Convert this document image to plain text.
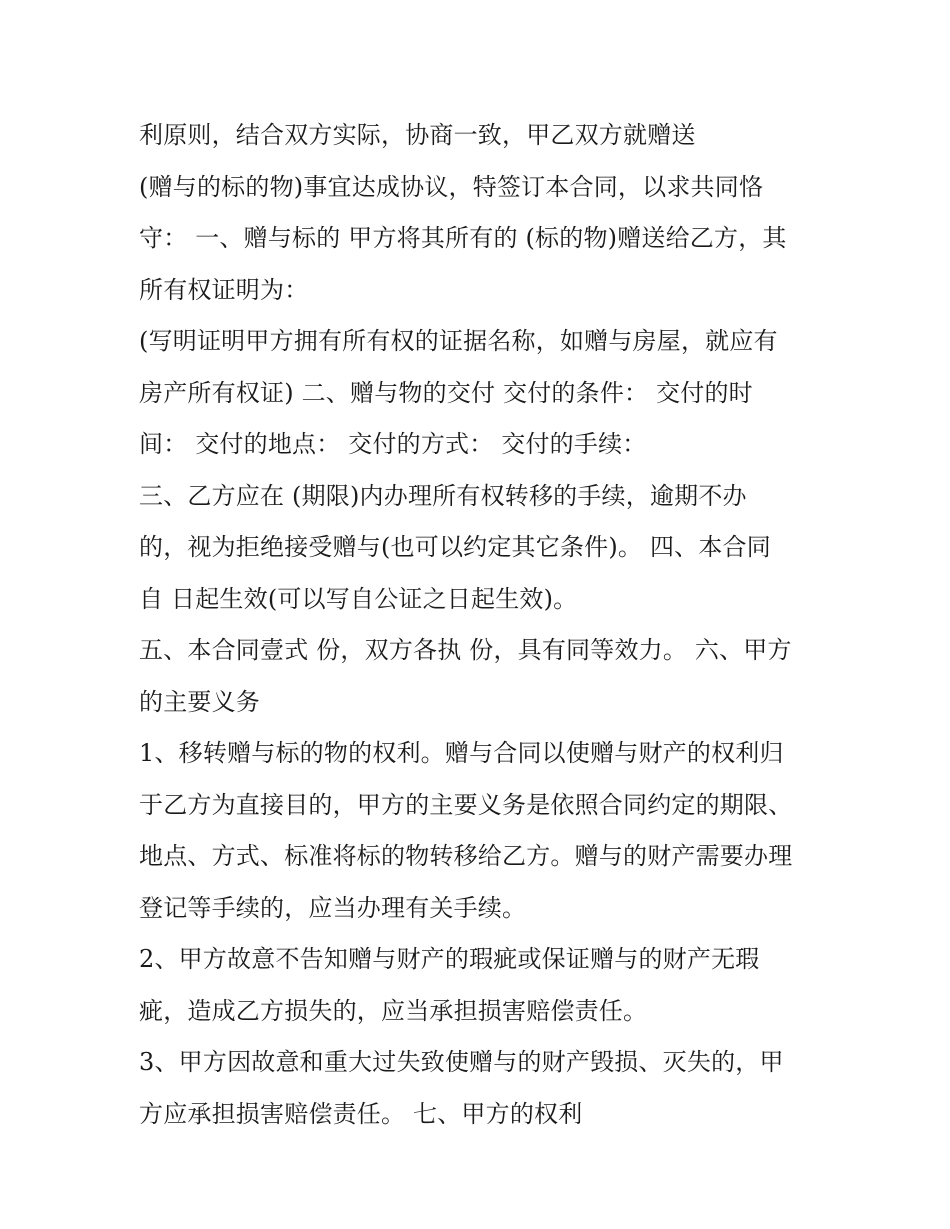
利原则，结合双方实际，协商一致，甲乙双方就赠送
(赠与的标的物)事宜达成协议，特签订本合同，以求共同恪
守： 一、赠与标的 甲方将其所有的 (标的物)赠送给乙方，其
所有权证明为：
(写明证明甲方拥有所有权的证据名称，如赠与房屋，就应有
房产所有权证) 二、赠与物的交付 交付的条件： 交付的时
间： 交付的地点： 交付的方式： 交付的手续：
三、乙方应在 (期限)内办理所有权转移的手续，逾期不办
的，视为拒绝接受赠与(也可以约定其它条件)。 四、本合同
自 日起生效(可以写自公证之日起生效)。
五、本合同壹式 份，双方各执 份，具有同等效力。 六、甲方
的主要义务
1、移转赠与标的物的权利。赠与合同以使赠与财产的权利归
于乙方为直接目的，甲方的主要义务是依照合同约定的期限、
地点、方式、标准将标的物转移给乙方。赠与的财产需要办理
登记等手续的，应当办理有关手续。
2、甲方故意不告知赠与财产的瑕疵或保证赠与的财产无瑕
疵，造成乙方损失的，应当承担损害赔偿责任。
3、甲方因故意和重大过失致使赠与的财产毁损、灭失的，甲
方应承担损害赔偿责任。 七、甲方的权利
